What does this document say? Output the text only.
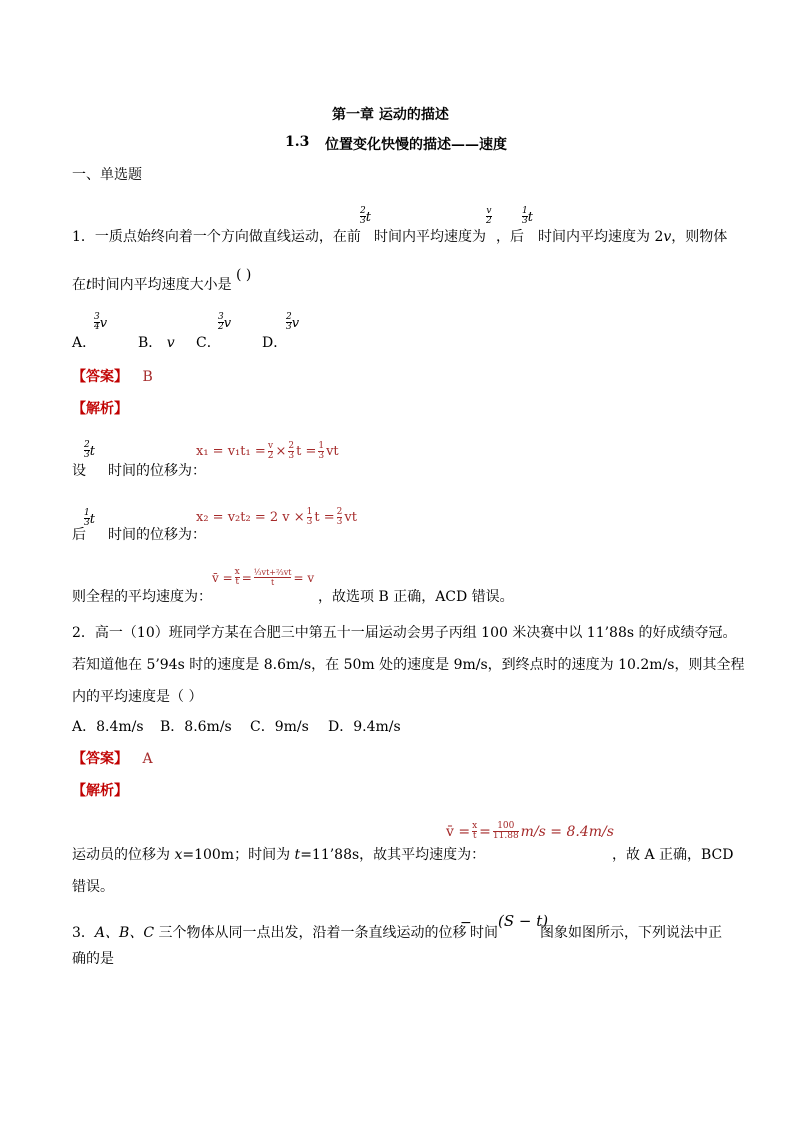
第一章 运动的描述
1.3 位置变化快慢的描述——速度
一、单选题
1．一质点始终向着一个方向做直线运动，在前
$\frac{2}{3}$ t
时间内平均速度为
$\frac{v}{2}$
，后
$\frac{1}{3}$ t
时间内平均速度为 2v，则物体
在t时间内平均速度大小是
( )
A．
$\frac{3}{4}$ v
B． v C．
$\frac{3}{2}$ v
D．
$\frac{2}{3}$ v
【答案】 B
【解析】
$\frac{2}{3}$ t
设 时间的位移为：
$x_1 = v_1t_1 = \frac{v}{2} \times \frac{2}{3}$ $t = \frac{1}{3}$ vt
$\frac{1}{3}$ t
后 时间的位移为：
x₂ = v₂t₂ = 2 $v \times \frac{1}{3}$ $t = \frac{2}{3}$ vt
则全程的平均速度为：
v̄ = $\frac{x}{t} = \frac{\text{⅓vt+⅔vt}}{t} = v$
，故选项 B 正确，ACD 错误。
2．高一（10）班同学方某在合肥三中第五十一届运动会男子丙组 100 米决赛中以 11’88s 的好成绩夺冠。
若知道他在 5’94s 时的速度是 8.6m/s，在 50m 处的速度是 9m/s，到终点时的速度为 10.2m/s，则其全程
内的平均速度是（ ）
A．8.4m/s B．8.6m/s C．9m/s D．9.4m/s
【答案】 A
【解析】
运动员的位移为 x=100m；时间为 t=11’88s，故其平均速度为：
v̄ = $\frac{x}{t} = \frac{100}{11.88} m/s = 8.4m/s$
，故 A 正确，BCD
错误。
3．A、B、C 三个物体从同一点出发，沿着一条直线运动的位移
−
时间
(S − t)
图象如图所示，下列说法中正
确的是
